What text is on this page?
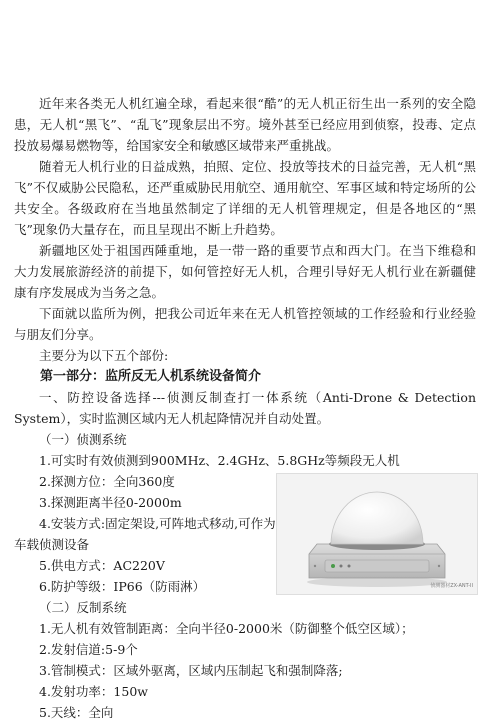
近年来各类无人机红遍全球，看起来很“酷”的无人机正衍生出一系列的安全隐患，无人机“黑飞”、“乱飞”现象层出不穷。境外甚至已经应用到侦察，投毒、定点投放易爆易燃物等，给国家安全和敏感区域带来严重挑战。

随着无人机行业的日益成熟，拍照、定位、投放等技术的日益完善，无人机“黑飞”不仅威胁公民隐私，还严重威胁民用航空、通用航空、军事区域和特定场所的公共安全。各级政府在当地虽然制定了详细的无人机管理规定，但是各地区的“黑飞”现象仍大量存在，而且呈现出不断上升趋势。

新疆地区处于祖国西陲重地，是一带一路的重要节点和西大门。在当下维稳和大力发展旅游经济的前提下，如何管控好无人机，合理引导好无人机行业在新疆健康有序发展成为当务之急。

下面就以监所为例，把我公司近年来在无人机管控领域的工作经验和行业经验与朋友们分享。

主要分为以下五个部份:

第一部分：监所反无人机系统设备简介

一、防控设备选择---侦测反制查打一体系统（Anti-Drone & Detection System），实时监测区域内无人机起降情况并自动处置。

（一）侦测系统

1.可实时有效侦测到900MHz、2.4GHz、5.8GHz等频段无人机

2.探测方位：全向360度

3.探测距离半径0-2000m

4.安装方式:固定架设,可阵地式移动,可作为车载侦测设备

5.供电方式：AC220V

6.防护等级：IP66（防雨淋）

（二）反制系统

1.无人机有效管制距离：全向半径0-2000米（防御整个低空区域）；

2.发射信道:5-9个

3.管制模式：区域外驱离，区域内压制起飞和强制降落;

4.发射功率：150w

5.天线：全向

侦测器材ZX-ANT-II
